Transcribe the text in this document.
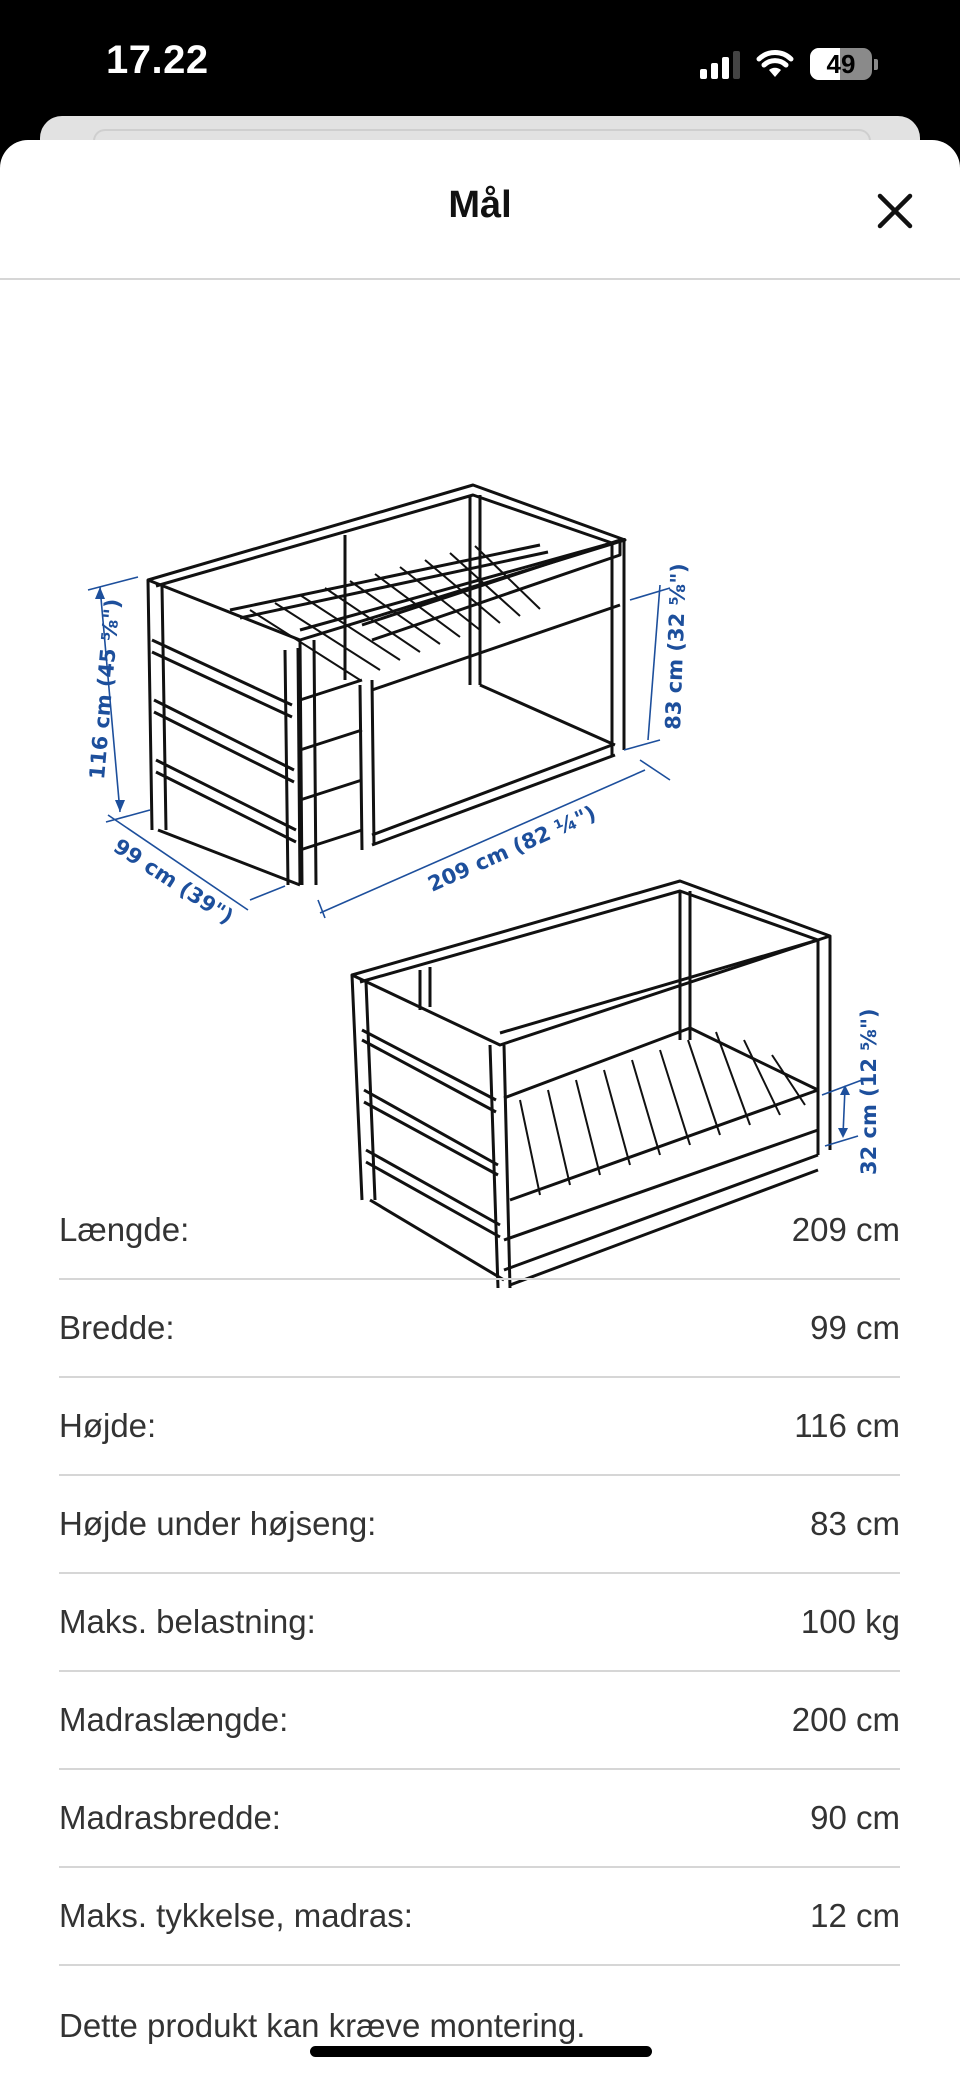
17.22	49
Mål
116 cm (45 ⅝")
99 cm (39")	209 cm (82 ¼")
83 cm (32 ⅝")
32 cm (12 ⅝")
Længde:	209 cm
Bredde:	99 cm
Højde:	116 cm
Højde under højseng:	83 cm
Maks. belastning:	100 kg
Madraslængde:	200 cm
Madrasbredde:	90 cm
Maks. tykkelse, madras:	12 cm
Dette produkt kan kræve montering.
